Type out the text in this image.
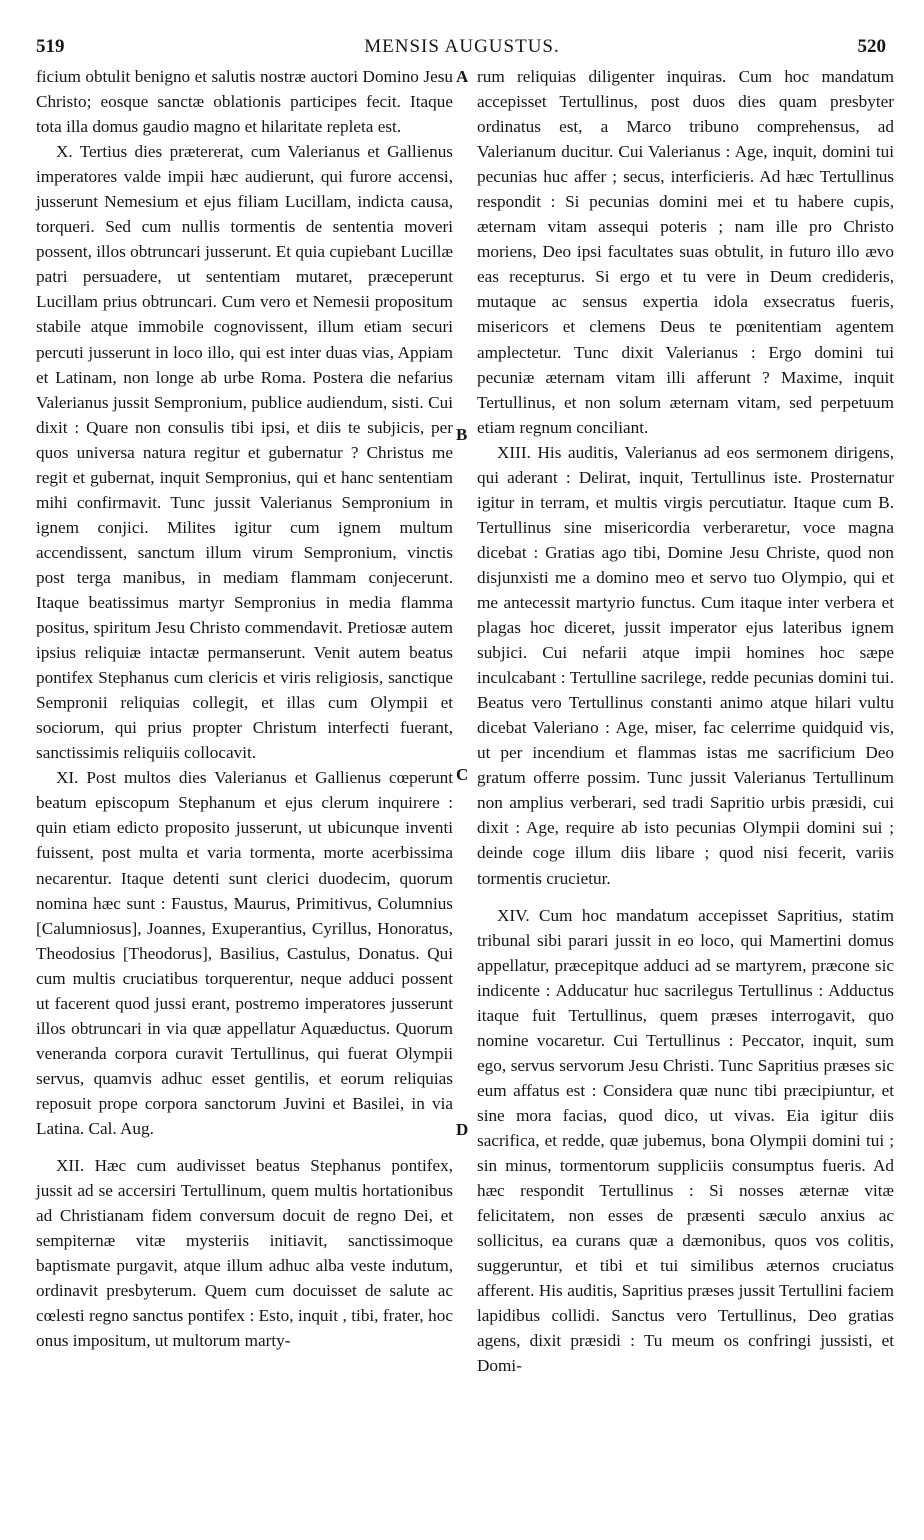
519	MENSIS AUGUSTUS.	520

ficium obtulit benigno et salutis nostræ auctori Domino Jesu Christo; eosque sanctæ oblationis participes fecit. Itaque tota illa domus gaudio magno et hilaritate repleta est.

X. Tertius dies prætererat, cum Valerianus et Gallienus imperatores valde impii hæc audierunt, qui furore accensi, jusserunt Nemesium et ejus filiam Lucillam, indicta causa, torqueri. Sed cum nullis tormentis de sententia moveri possent, illos obtruncari jusserunt. Et quia cupiebant Lucillæ patri persuadere, ut sententiam mutaret, præceperunt Lucillam prius obtruncari. Cum vero et Nemesii propositum stabile atque immobile cognovissent, illum etiam securi percuti jusserunt in loco illo, qui est inter duas vias, Appiam et Latinam, non longe ab urbe Roma. Postera die nefarius Valerianus jussit Sempronium, publice audiendum, sisti. Cui dixit : Quare non consulis tibi ipsi, et diis te subjicis, per quos universa natura regitur et gubernatur ? Christus me regit et gubernat, inquit Sempronius, qui et hanc sententiam mihi confirmavit. Tunc jussit Valerianus Sempronium in ignem conjici. Milites igitur cum ignem multum accendissent, sanctum illum virum Sempronium, vinctis post terga manibus, in mediam flammam conjecerunt. Itaque beatissimus martyr Sempronius in media flamma positus, spiritum Jesu Christo commendavit. Pretiosæ autem ipsius reliquiæ intactæ permanserunt. Venit autem beatus pontifex Stephanus cum clericis et viris religiosis, sanctique Sempronii reliquias collegit, et illas cum Olympii et sociorum, qui prius propter Christum interfecti fuerant, sanctissimis reliquiis collocavit.

XI. Post multos dies Valerianus et Gallienus cœperunt beatum episcopum Stephanum et ejus clerum inquirere : quin etiam edicto proposito jusserunt, ut ubicunque inventi fuissent, post multa et varia tormenta, morte acerbissima necarentur. Itaque detenti sunt clerici duodecim, quorum nomina hæc sunt : Faustus, Maurus, Primitivus, Columnius [Calumniosus], Joannes, Exuperantius, Cyrillus, Honoratus, Theodosius [Theodorus], Basilius, Castulus, Donatus. Qui cum multis cruciatibus torquerentur, neque adduci possent ut facerent quod jussi erant, postremo imperatores jusserunt illos obtruncari in via quæ appellatur Aquæductus. Quorum veneranda corpora curavit Tertullinus, qui fuerat Olympii servus, quamvis adhuc esset gentilis, et eorum reliquias reposuit prope corpora sanctorum Juvini et Basilei, in via Latina. Cal. Aug.

XII. Hæc cum audivisset beatus Stephanus pontifex, jussit ad se accersiri Tertullinum, quem multis hortationibus ad Christianam fidem conversum docuit de regno Dei, et sempiternæ vitæ mysteriis initiavit, sanctissimoque baptismate purgavit, atque illum adhuc alba veste indutum, ordinavit presbyterum. Quem cum docuisset de salute ac cœlesti regno sanctus pontifex : Esto, inquit , tibi, frater, hoc onus impositum, ut multorum marty-

A
B
C
D

rum reliquias diligenter inquiras. Cum hoc mandatum accepisset Tertullinus, post duos dies quam presbyter ordinatus est, a Marco tribuno comprehensus, ad Valerianum ducitur. Cui Valerianus : Age, inquit, domini tui pecunias huc affer ; secus, interficieris. Ad hæc Tertullinus respondit : Si pecunias domini mei et tu habere cupis, æternam vitam assequi poteris ; nam ille pro Christo moriens, Deo ipsi facultates suas obtulit, in futuro illo ævo eas recepturus. Si ergo et tu vere in Deum credideris, mutaque ac sensus expertia idola exsecratus fueris, misericors et clemens Deus te pœnitentiam agentem amplectetur. Tunc dixit Valerianus : Ergo domini tui pecuniæ æternam vitam illi afferunt ? Maxime, inquit Tertullinus, et non solum æternam vitam, sed perpetuum etiam regnum conciliant.

XIII. His auditis, Valerianus ad eos sermonem dirigens, qui aderant : Delirat, inquit, Tertullinus iste. Prosternatur igitur in terram, et multis virgis percutiatur. Itaque cum B. Tertullinus sine misericordia verberaretur, voce magna dicebat : Gratias ago tibi, Domine Jesu Christe, quod non disjunxisti me a domino meo et servo tuo Olympio, qui et me antecessit martyrio functus. Cum itaque inter verbera et plagas hoc diceret, jussit imperator ejus lateribus ignem subjici. Cui nefarii atque impii homines hoc sæpe inculcabant : Tertulline sacrilege, redde pecunias domini tui. Beatus vero Tertullinus constanti animo atque hilari vultu dicebat Valeriano : Age, miser, fac celerrime quidquid vis, ut per incendium et flammas istas me sacrificium Deo gratum offerre possim. Tunc jussit Valerianus Tertullinum non amplius verberari, sed tradi Sapritio urbis præsidi, cui dixit : Age, require ab isto pecunias Olympii domini sui ; deinde coge illum diis libare ; quod nisi fecerit, variis tormentis crucietur.

XIV. Cum hoc mandatum accepisset Sapritius, statim tribunal sibi parari jussit in eo loco, qui Mamertini domus appellatur, præcepitque adduci ad se martyrem, præcone sic indicente : Adducatur huc sacrilegus Tertullinus : Adductus itaque fuit Tertullinus, quem præses interrogavit, quo nomine vocaretur. Cui Tertullinus : Peccator, inquit, sum ego, servus servorum Jesu Christi. Tunc Sapritius præses sic eum affatus est : Considera quæ nunc tibi præcipiuntur, et sine mora facias, quod dico, ut vivas. Eia igitur diis sacrifica, et redde, quæ jubemus, bona Olympii domini tui ; sin minus, tormentorum suppliciis consumptus fueris. Ad hæc respondit Tertullinus : Si nosses æternæ vitæ felicitatem, non esses de præsenti sæculo anxius ac sollicitus, ea curans quæ a dæmonibus, quos vos colitis, suggeruntur, et tibi et tui similibus æternos cruciatus afferent. His auditis, Sapritius præses jussit Tertullini faciem lapidibus collidi. Sanctus vero Tertullinus, Deo gratias agens, dixit præsidi : Tu meum os confringi jussisti, et Domi-
